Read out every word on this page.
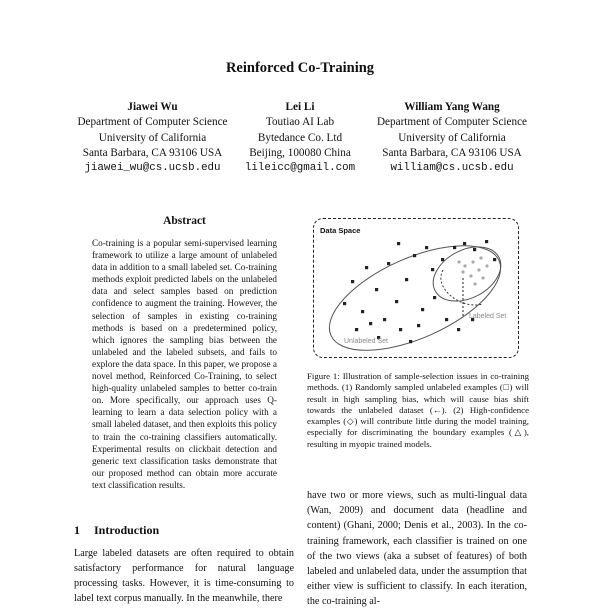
Reinforced Co-Training
Jiawei Wu
Department of Computer Science
University of California
Santa Barbara, CA 93106 USA
jiawei_wu@cs.ucsb.edu
Lei Li
Toutiao AI Lab
Bytedance Co. Ltd
Beijing, 100080 China
lileicc@gmail.com
William Yang Wang
Department of Computer Science
University of California
Santa Barbara, CA 93106 USA
william@cs.ucsb.edu
Abstract
Co-training is a popular semi-supervised learning framework to utilize a large amount of unlabeled data in addition to a small labeled set. Co-training methods exploit predicted labels on the unlabeled data and select samples based on prediction confidence to augment the training. However, the selection of samples in existing co-training methods is based on a predetermined policy, which ignores the sampling bias between the unlabeled and the labeled subsets, and fails to explore the data space. In this paper, we propose a novel method, Reinforced Co-Training, to select high-quality unlabeled samples to better co-train on. More specifically, our approach uses Q-learning to learn a data selection policy with a small labeled dataset, and then exploits this policy to train the co-training classifiers automatically. Experimental results on clickbait detection and generic text classification tasks demonstrate that our proposed method can obtain more accurate text classification results.
1 Introduction
Large labeled datasets are often required to obtain satisfactory performance for natural language processing tasks. However, it is time-consuming to label text corpus manually. In the meanwhile, there
Data Space
Labeled Set
Unlabeled Set
Figure 1: Illustration of sample-selection issues in co-training methods. (1) Randomly sampled unlabeled examples (□) will result in high sampling bias, which will cause bias shift towards the unlabeled dataset (←). (2) High-confidence examples (◇) will contribute little during the model training, especially for discriminating the boundary examples (△), resulting in myopic trained models.
have two or more views, such as multi-lingual data (Wan, 2009) and document data (headline and content) (Ghani, 2000; Denis et al., 2003). In the co-training framework, each classifier is trained on one of the two views (aka a subset of features) of both labeled and unlabeled data, under the assumption that either view is sufficient to classify. In each iteration, the co-training al-
